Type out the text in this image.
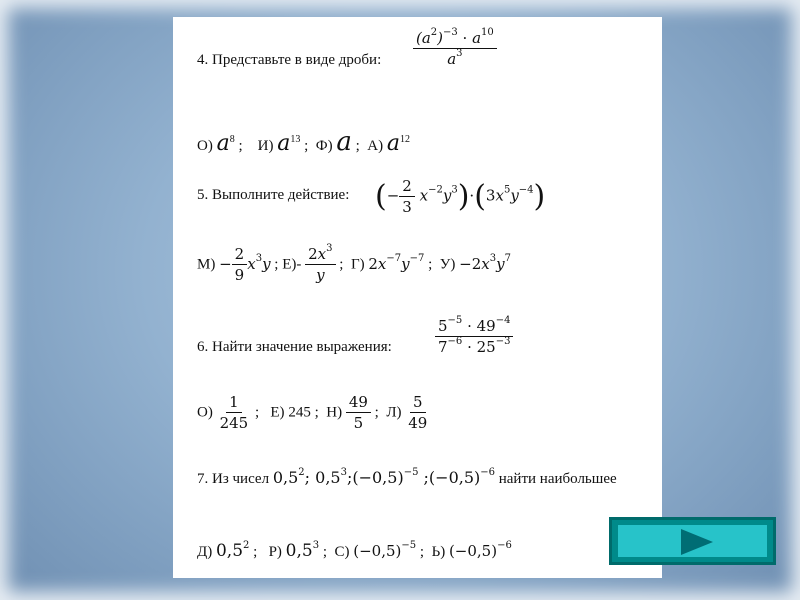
4. Представьте в виде дроби: $\frac{(a^2)^{-3} \cdot a^{10}}{a^3}$
О) $a^8$ ;    И) $a^{13}$ ;  Ф) a ;  А) $a^{12}$
5. Выполните действие: (− $\frac{2}{3} x^{-2}y^3)\cdot(3x^5y^{-4})$
$М) - \frac{2}{9} x^3y$ ; $Е)- \frac{2x^3}{y}$ ;  Г) $2x^{-7}y^{-7}$ ;  $У) -2x^3y^7$
6. Найти значение выражения:	$\frac{5^{-5} \cdot 49^{-4}}{7^{-6} \cdot 25^{-3}}$
$О) \frac{1}{245}$ ;   Е) 245 ;  $Н) \frac{49}{5}$ ;  $Л) \frac{5}{49}$
7. Из чисел $0,5^2$; $0,5^3;(-0,5)^{-5}$ $;(-0,5)^{-6}$ найти наибольшее
Д) $0,5^2$ ;   Р) $0,5^3$ ;  С) $(-0,5)^{-5}$ ;  Ь) $(-0,5)^{-6}$
